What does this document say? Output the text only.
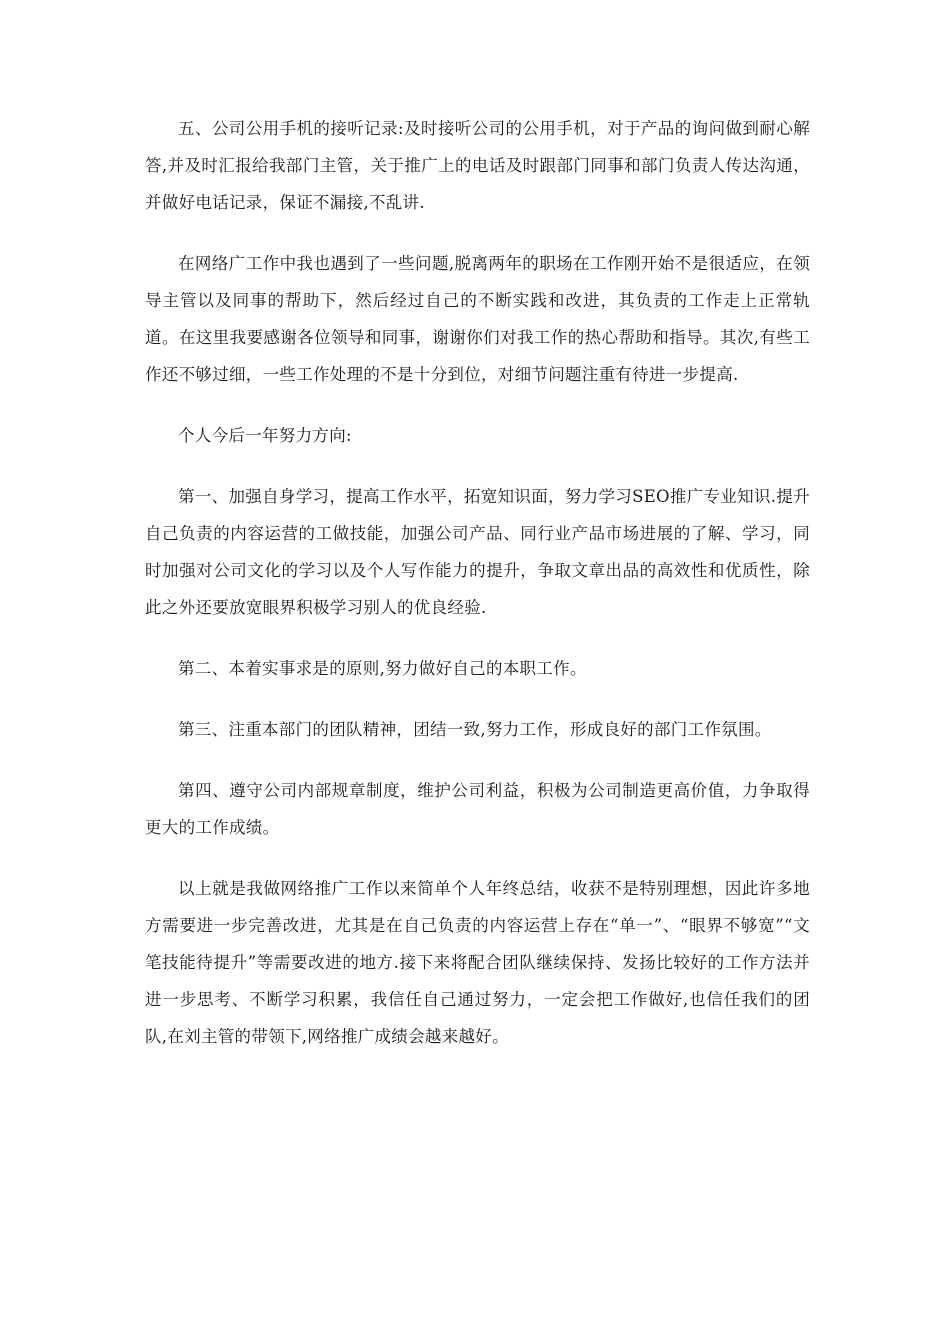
五、公司公用手机的接听记录:及时接听公司的公用手机，对于产品的询问做到耐心解答,并及时汇报给我部门主管，关于推广上的电话及时跟部门同事和部门负责人传达沟通，并做好电话记录，保证不漏接,不乱讲.

在网络广工作中我也遇到了一些问题,脱离两年的职场在工作刚开始不是很适应，在领导主管以及同事的帮助下，然后经过自己的不断实践和改进，其负责的工作走上正常轨道。在这里我要感谢各位领导和同事，谢谢你们对我工作的热心帮助和指导。其次,有些工作还不够过细，一些工作处理的不是十分到位，对细节问题注重有待进一步提高.

个人今后一年努力方向:

第一、加强自身学习，提高工作水平，拓宽知识面，努力学习SEO推广专业知识.提升自己负责的内容运营的工做技能，加强公司产品、同行业产品市场进展的了解、学习，同时加强对公司文化的学习以及个人写作能力的提升，争取文章出品的高效性和优质性，除此之外还要放宽眼界积极学习别人的优良经验.

第二、本着实事求是的原则,努力做好自己的本职工作。

第三、注重本部门的团队精神，团结一致,努力工作，形成良好的部门工作氛围。

第四、遵守公司内部规章制度，维护公司利益，积极为公司制造更高价值，力争取得更大的工作成绩。

以上就是我做网络推广工作以来简单个人年终总结，收获不是特别理想，因此许多地方需要进一步完善改进，尤其是在自己负责的内容运营上存在“单一”、“眼界不够宽”“文笔技能待提升”等需要改进的地方.接下来将配合团队继续保持、发扬比较好的工作方法并进一步思考、不断学习积累，我信任自己通过努力，一定会把工作做好,也信任我们的团队,在刘主管的带领下,网络推广成绩会越来越好。
